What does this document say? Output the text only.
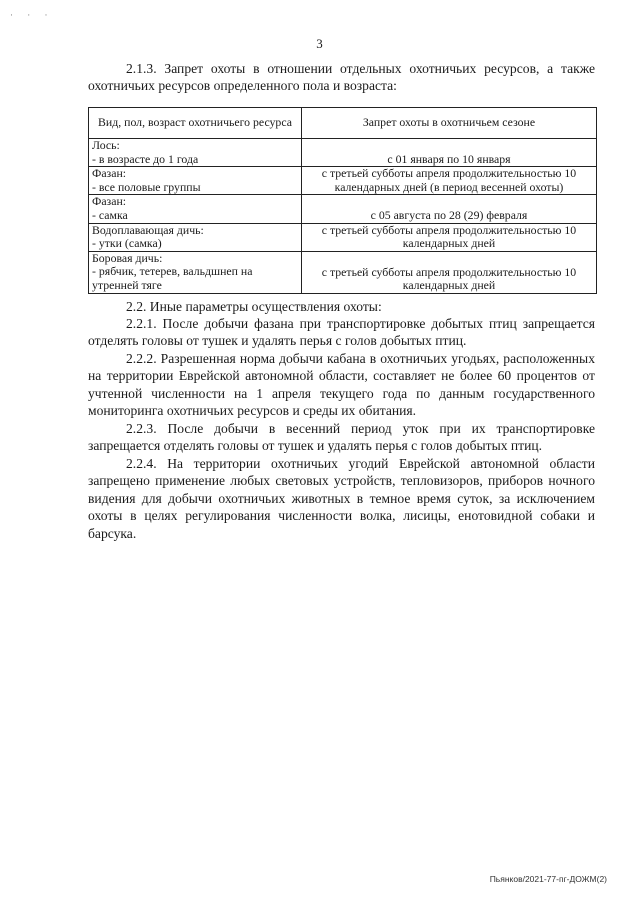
· · ·
3

2.1.3. Запрет охоты в отношении отдельных охотничьих ресурсов, а также охотничьих ресурсов определенного пола и возраста:

Вид, пол, возраст охотничьего ресурса	Запрет охоты в охотничьем сезоне

Лось:
- в возрасте до 1 года	с 01 января по 10 января

Фазан:
- все половые группы	с третьей субботы апреля продолжительностью 10 календарных дней (в период весенней охоты)

Фазан:
- самка	с 05 августа по 28 (29) февраля

Водоплавающая дичь:
- утки (самка)	с третьей субботы апреля продолжительностью 10 календарных дней

Боровая дичь:
- рябчик, тетерев, вальдшнеп на утренней тяге	с третьей субботы апреля продолжительностью 10 календарных дней

2.2. Иные параметры осуществления охоты:

2.2.1. После добычи фазана при транспортировке добытых птиц запрещается отделять головы от тушек и удалять перья с голов добытых птиц.

2.2.2. Разрешенная норма добычи кабана в охотничьих угодьях, расположенных на территории Еврейской автономной области, составляет не более 60 процентов от учтенной численности на 1 апреля текущего года по данным государственного мониторинга охотничьих ресурсов и среды их обитания.

2.2.3. После добычи в весенний период уток при их транспортировке запрещается отделять головы от тушек и удалять перья с голов добытых птиц.

2.2.4. На территории охотничьих угодий Еврейской автономной области запрещено применение любых световых устройств, тепловизоров, приборов ночного видения для добычи охотничьих животных в темное время суток, за исключением охоты в целях регулирования численности волка, лисицы, енотовидной собаки и барсука.

Пьянков/2021-77-пг-ДОЖМ(2)
